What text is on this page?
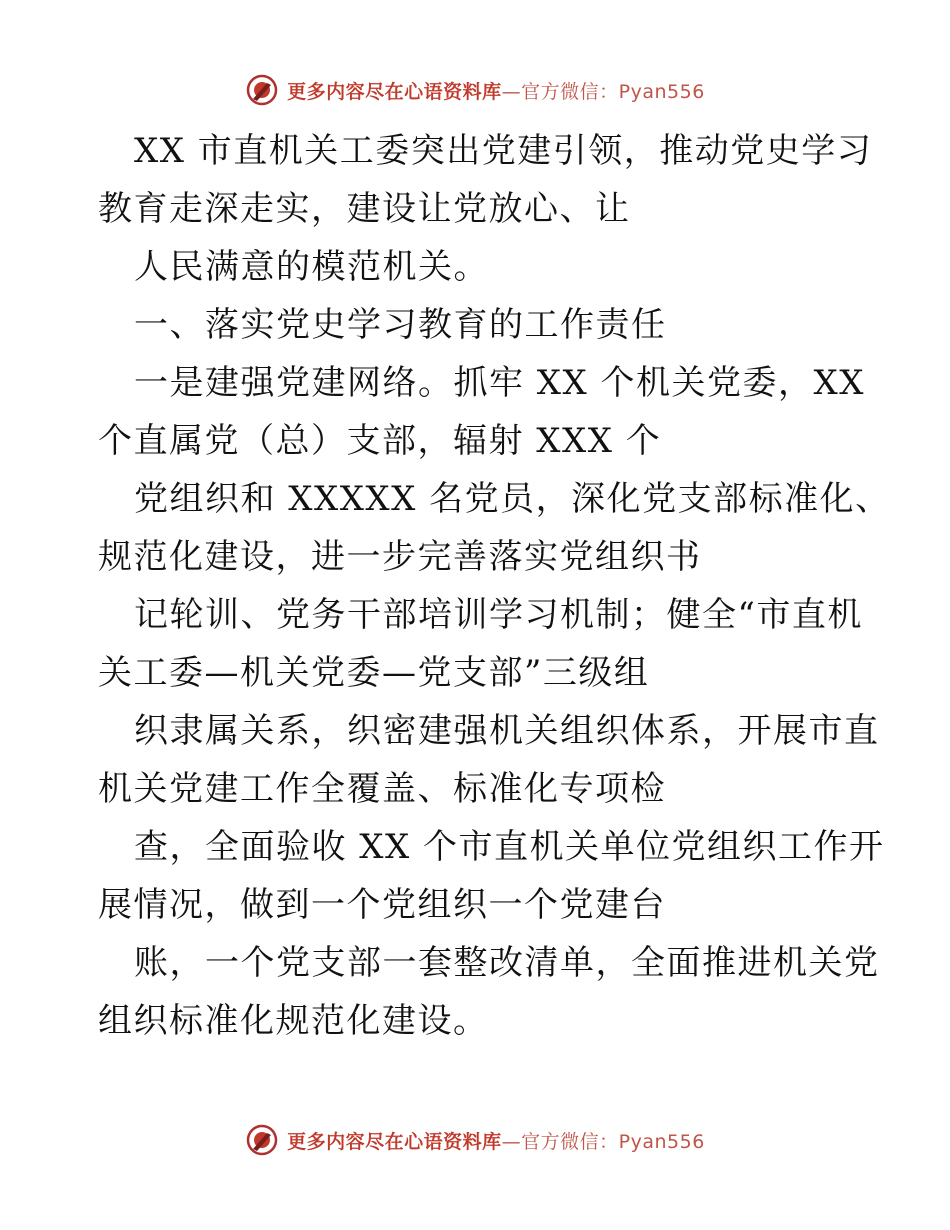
更多内容尽在心语资料库—官方微信：Pyan556
XX 市直机关工委突出党建引领，推动党史学习
教育走深走实，建设让党放心、让
人民满意的模范机关。
一、落实党史学习教育的工作责任
一是建强党建网络。抓牢 XX 个机关党委，XX
个直属党（总）支部，辐射 XXX 个
党组织和 XXXXX 名党员，深化党支部标准化、
规范化建设，进一步完善落实党组织书
记轮训、党务干部培训学习机制；健全“市直机
关工委—机关党委—党支部”三级组
织隶属关系，织密建强机关组织体系，开展市直
机关党建工作全覆盖、标准化专项检
查，全面验收 XX 个市直机关单位党组织工作开
展情况，做到一个党组织一个党建台
账，一个党支部一套整改清单，全面推进机关党
组织标准化规范化建设。
更多内容尽在心语资料库—官方微信：Pyan556
